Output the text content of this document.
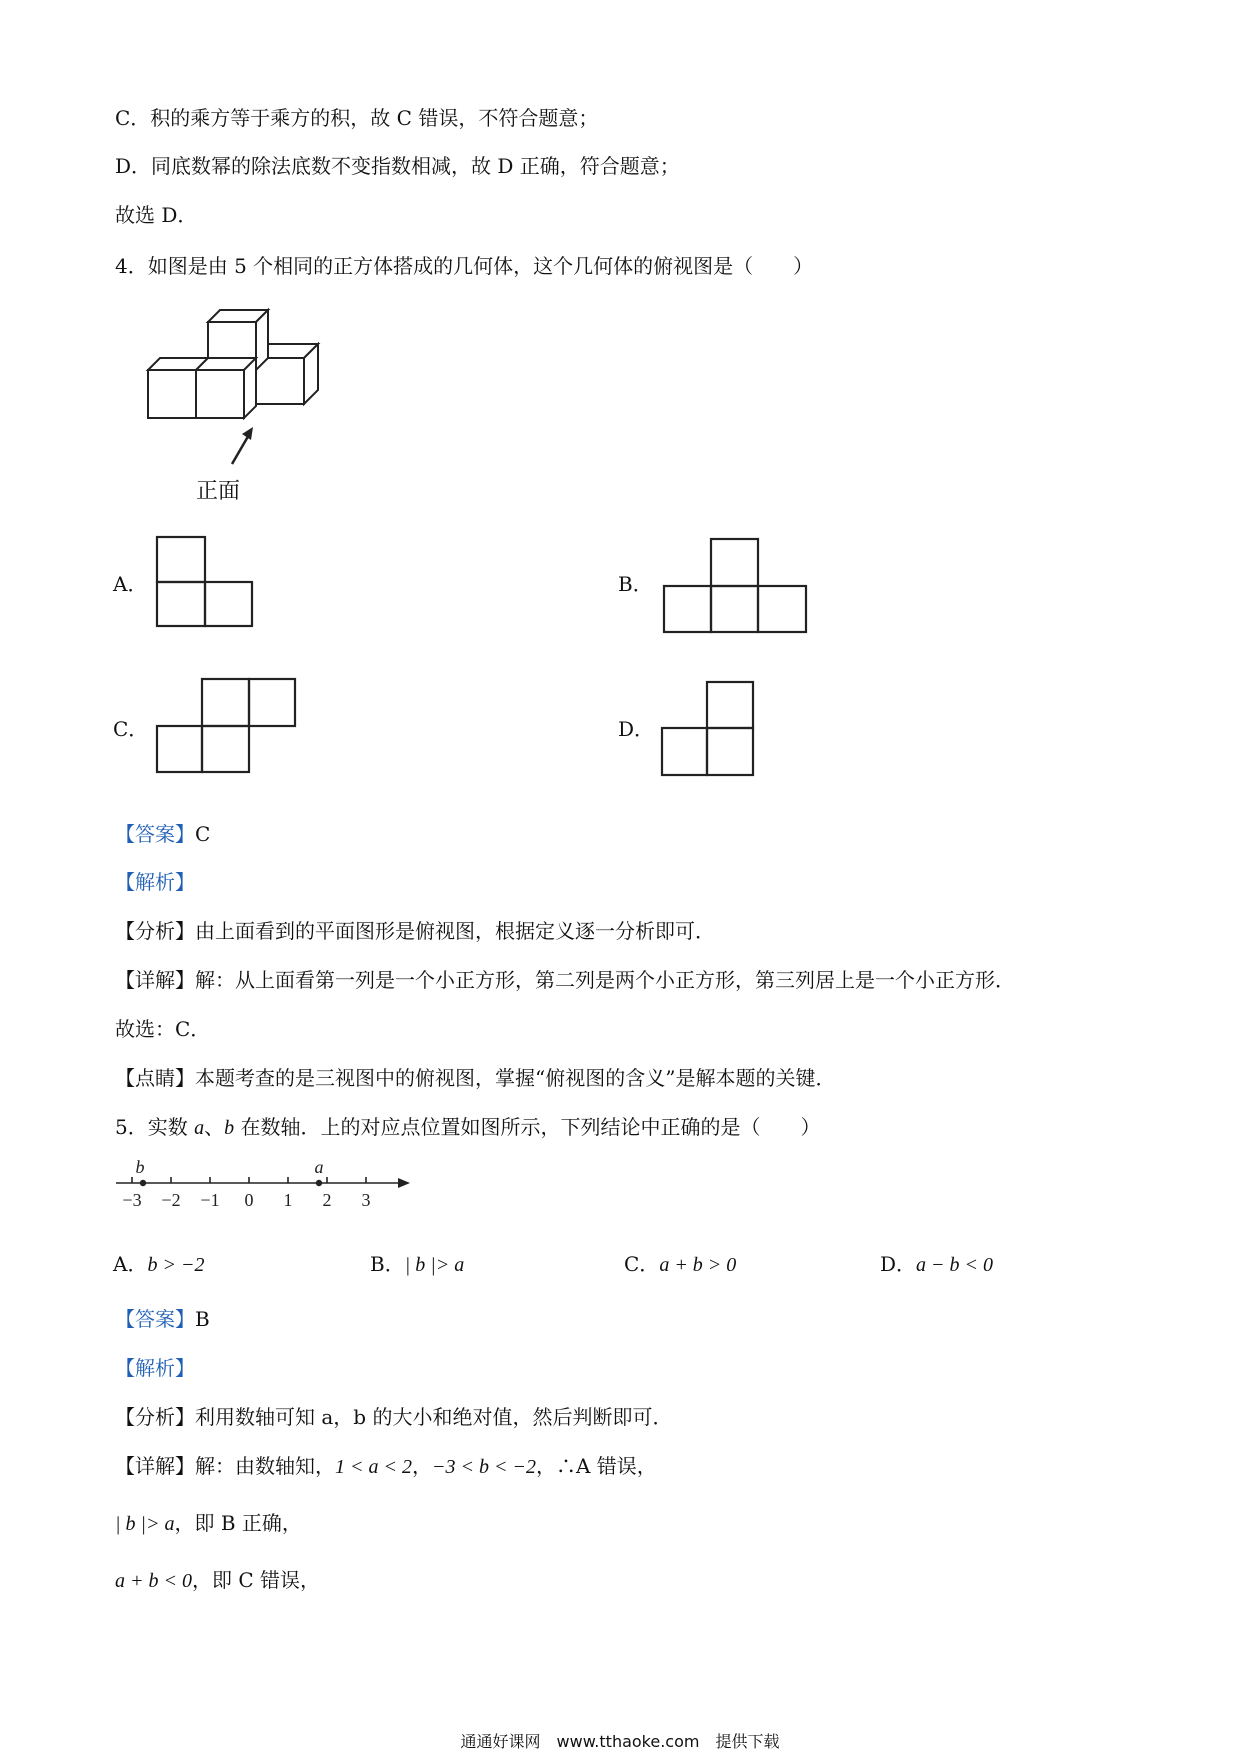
C．积的乘方等于乘方的积，故 C 错误，不符合题意；
D．同底数幂的除法底数不变指数相减，故 D 正确，符合题意；
故选 D．
4．如图是由 5 个相同的正方体搭成的几何体，这个几何体的俯视图是（　　）
正面
A．	B．
C．	D．
【答案】C
【解析】
【分析】由上面看到的平面图形是俯视图，根据定义逐一分析即可．
【详解】解：从上面看第一列是一个小正方形，第二列是两个小正方形，第三列居上是一个小正方形．
故选：C．
【点睛】本题考查的是三视图中的俯视图，掌握“俯视图的含义”是解本题的关键．
5．实数 a、b 在数轴．上的对应点位置如图所示，下列结论中正确的是（　　）
b	a
−3 −2 −1 0 1 2 3
A．b > −2	B．| b |> a	C．a + b > 0	D．a − b < 0
【答案】B
【解析】
【分析】利用数轴可知 a，b 的大小和绝对值，然后判断即可．
【详解】解：由数轴知，1 < a < 2，−3 < b < −2，∴A 错误，
| b |> a，即 B 正确，
a + b < 0，即 C 错误，
通通好课网　www.tthaoke.com　提供下载
